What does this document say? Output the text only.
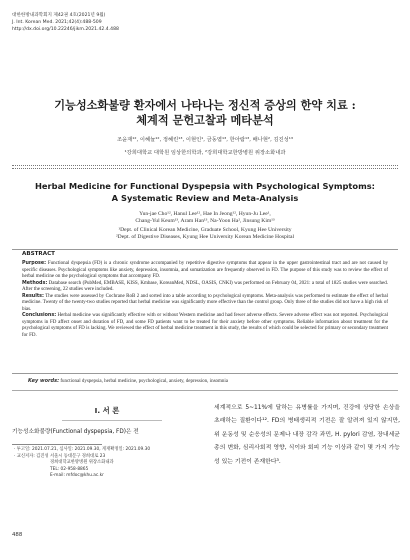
대한한방내과학회지 제42권 4호(2021년 9월)
J. Int. Korean Med. 2021;42(4):488-509
http://dx.doi.org/10.22246/jikm.2021.42.4.488
기능성소화불량 환자에서 나타나는 정신적 증상의 한약 치료 :
체계적 문헌고찰과 메타분석
조윤재¹², 이혜늘¹², 정혜린¹³, 이현인¹, 금동엽¹³, 한아람¹³, 배나현², 김진성¹³
¹강희대학교 대학원 임상한의학과, ²강희대학교한방병원 위장소화내과
Herbal Medicine for Functional Dyspepsia with Psychological Symptoms:
A Systematic Review and Meta-Analysis
Yun-jae Cho¹², Hanul Lee¹², Hae In Jeong¹², Hyun-Ju Lee¹,
Chang-Yul Keum¹³, Aram Han¹³, Na-Yoon Ha², Jinsung Kim¹³
¹Dept. of Clinical Korean Medicine, Graduate School, Kyung Hee University
²Dept. of Digestive Diseases, Kyung Hee University Korean Medicine Hospital
ABSTRACT

Purpose: Functional dyspepsia (FD) is a chronic syndrome accompanied by repetitive digestive symptoms that appear in the upper gastrointestinal tract and are not caused by specific diseases. Psychological symptoms like anxiety, depression, insomnia, and somatization are frequently observed in FD. The purpose of this study was to review the effect of herbal medicine on the psychological symptoms that accompany FD.

Methods: Database search (PubMed, EMBASE, KISS, Kmbase, KoreanMed, NDSL, OASIS, CNKI) was performed on February 04, 2021: a total of 1825 studies were searched. After the screening, 22 studies were included.

Results: The studies were assessed by Cochrane RoB 2 and sorted into a table according to psychological symptoms. Meta-analysis was performed to estimate the effect of herbal medicine. Twenty of the twenty-two studies reported that herbal medicine was significantly more effective than the control group. Only three of the studies did not have a high risk of bias.

Conclusions: Herbal medicine was significantly effective with or without Western medicine and had fewer adverse effects. Severe adverse effect was not reported. Psychological symptoms in FD affect onset and duration of FD, and some FD patients want to be treated for their anxiety before other symptoms. Reliable information about treatment for the psychological symptoms of FD is lacking. We reviewed the effect of herbal medicine treatment in this study, the results of which could be selected for primary or secondary treatment for FD.

Key words: functional dyspepsia, herbal medicine, psychological, anxiety, depression, insomnia
Ⅰ. 서 론
기능성소화불량(Functional dyspepsia, FD)은 전
· 투고일: 2021.07.21, 심사일: 2021.09.30, 게재확정일: 2021.09.30
· 교신저자: 김진성 서울시 동대문구 경희대로 23
경희대학교한방병원 위장소화내과
TEL: 02-958-8865
E-mail: mfdoc@khu.ac.kr

세계적으로 5~11%에 달하는 유병률을 가지며, 진강에 상당한 손상을 초래하는 질환이다¹². FD의 병태생리적 기전은 잘 알려져 있지 않지만, 위 운동성 및 순응성의 문제나 내장 감각 과민, H. pylori 감염, 장내세균총의 변화, 심리사회적 영향, 식이와 회피 기능 이상과 같이 몇 가지 가능성 있는 기전이 존재한다³.

488
